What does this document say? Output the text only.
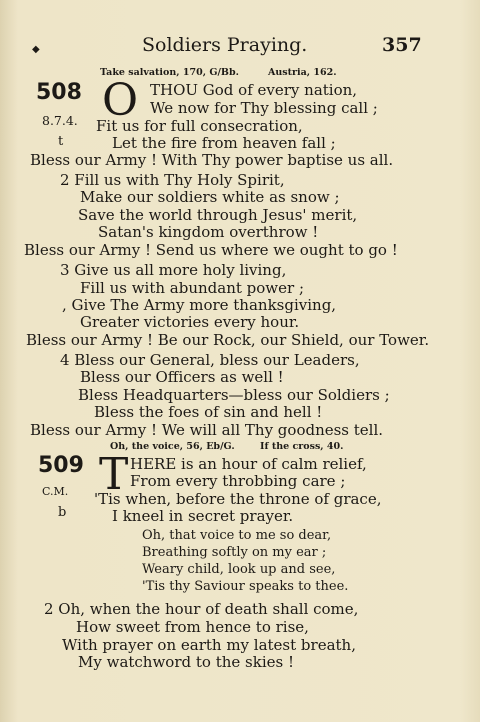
◆	Soldiers Praying.	357
Take salvation, 170, G/Bb.	Austria, 162.
508
8.7.4.
t
O THOU God of every nation,
We now for Thy blessing call ;
Fit us for full consecration,
Let the fire from heaven fall ;
Bless our Army ! With Thy power baptise us all.
2 Fill us with Thy Holy Spirit,
Make our soldiers white as snow ;
Save the world through Jesus' merit,
Satan's kingdom overthrow !
Bless our Army ! Send us where we ought to go !
3 Give us all more holy living,
Fill us with abundant power ;
, Give The Army more thanksgiving,
Greater victories every hour.
Bless our Army ! Be our Rock, our Shield, our Tower.
4 Bless our General, bless our Leaders,
Bless our Officers as well !
Bless Headquarters—bless our Soldiers ;
Bless the foes of sin and hell !
Bless our Army ! We will all Thy goodness tell.
Oh, the voice, 56, Eb/G.	If the cross, 40.
509
C.M.
b
T HERE is an hour of calm relief,
From every throbbing care ;
'Tis when, before the throne of grace,
I kneel in secret prayer.
Oh, that voice to me so dear,
Breathing softly on my ear ;
Weary child, look up and see,
'Tis thy Saviour speaks to thee.
2 Oh, when the hour of death shall come,
How sweet from hence to rise,
With prayer on earth my latest breath,
My watchword to the skies !
